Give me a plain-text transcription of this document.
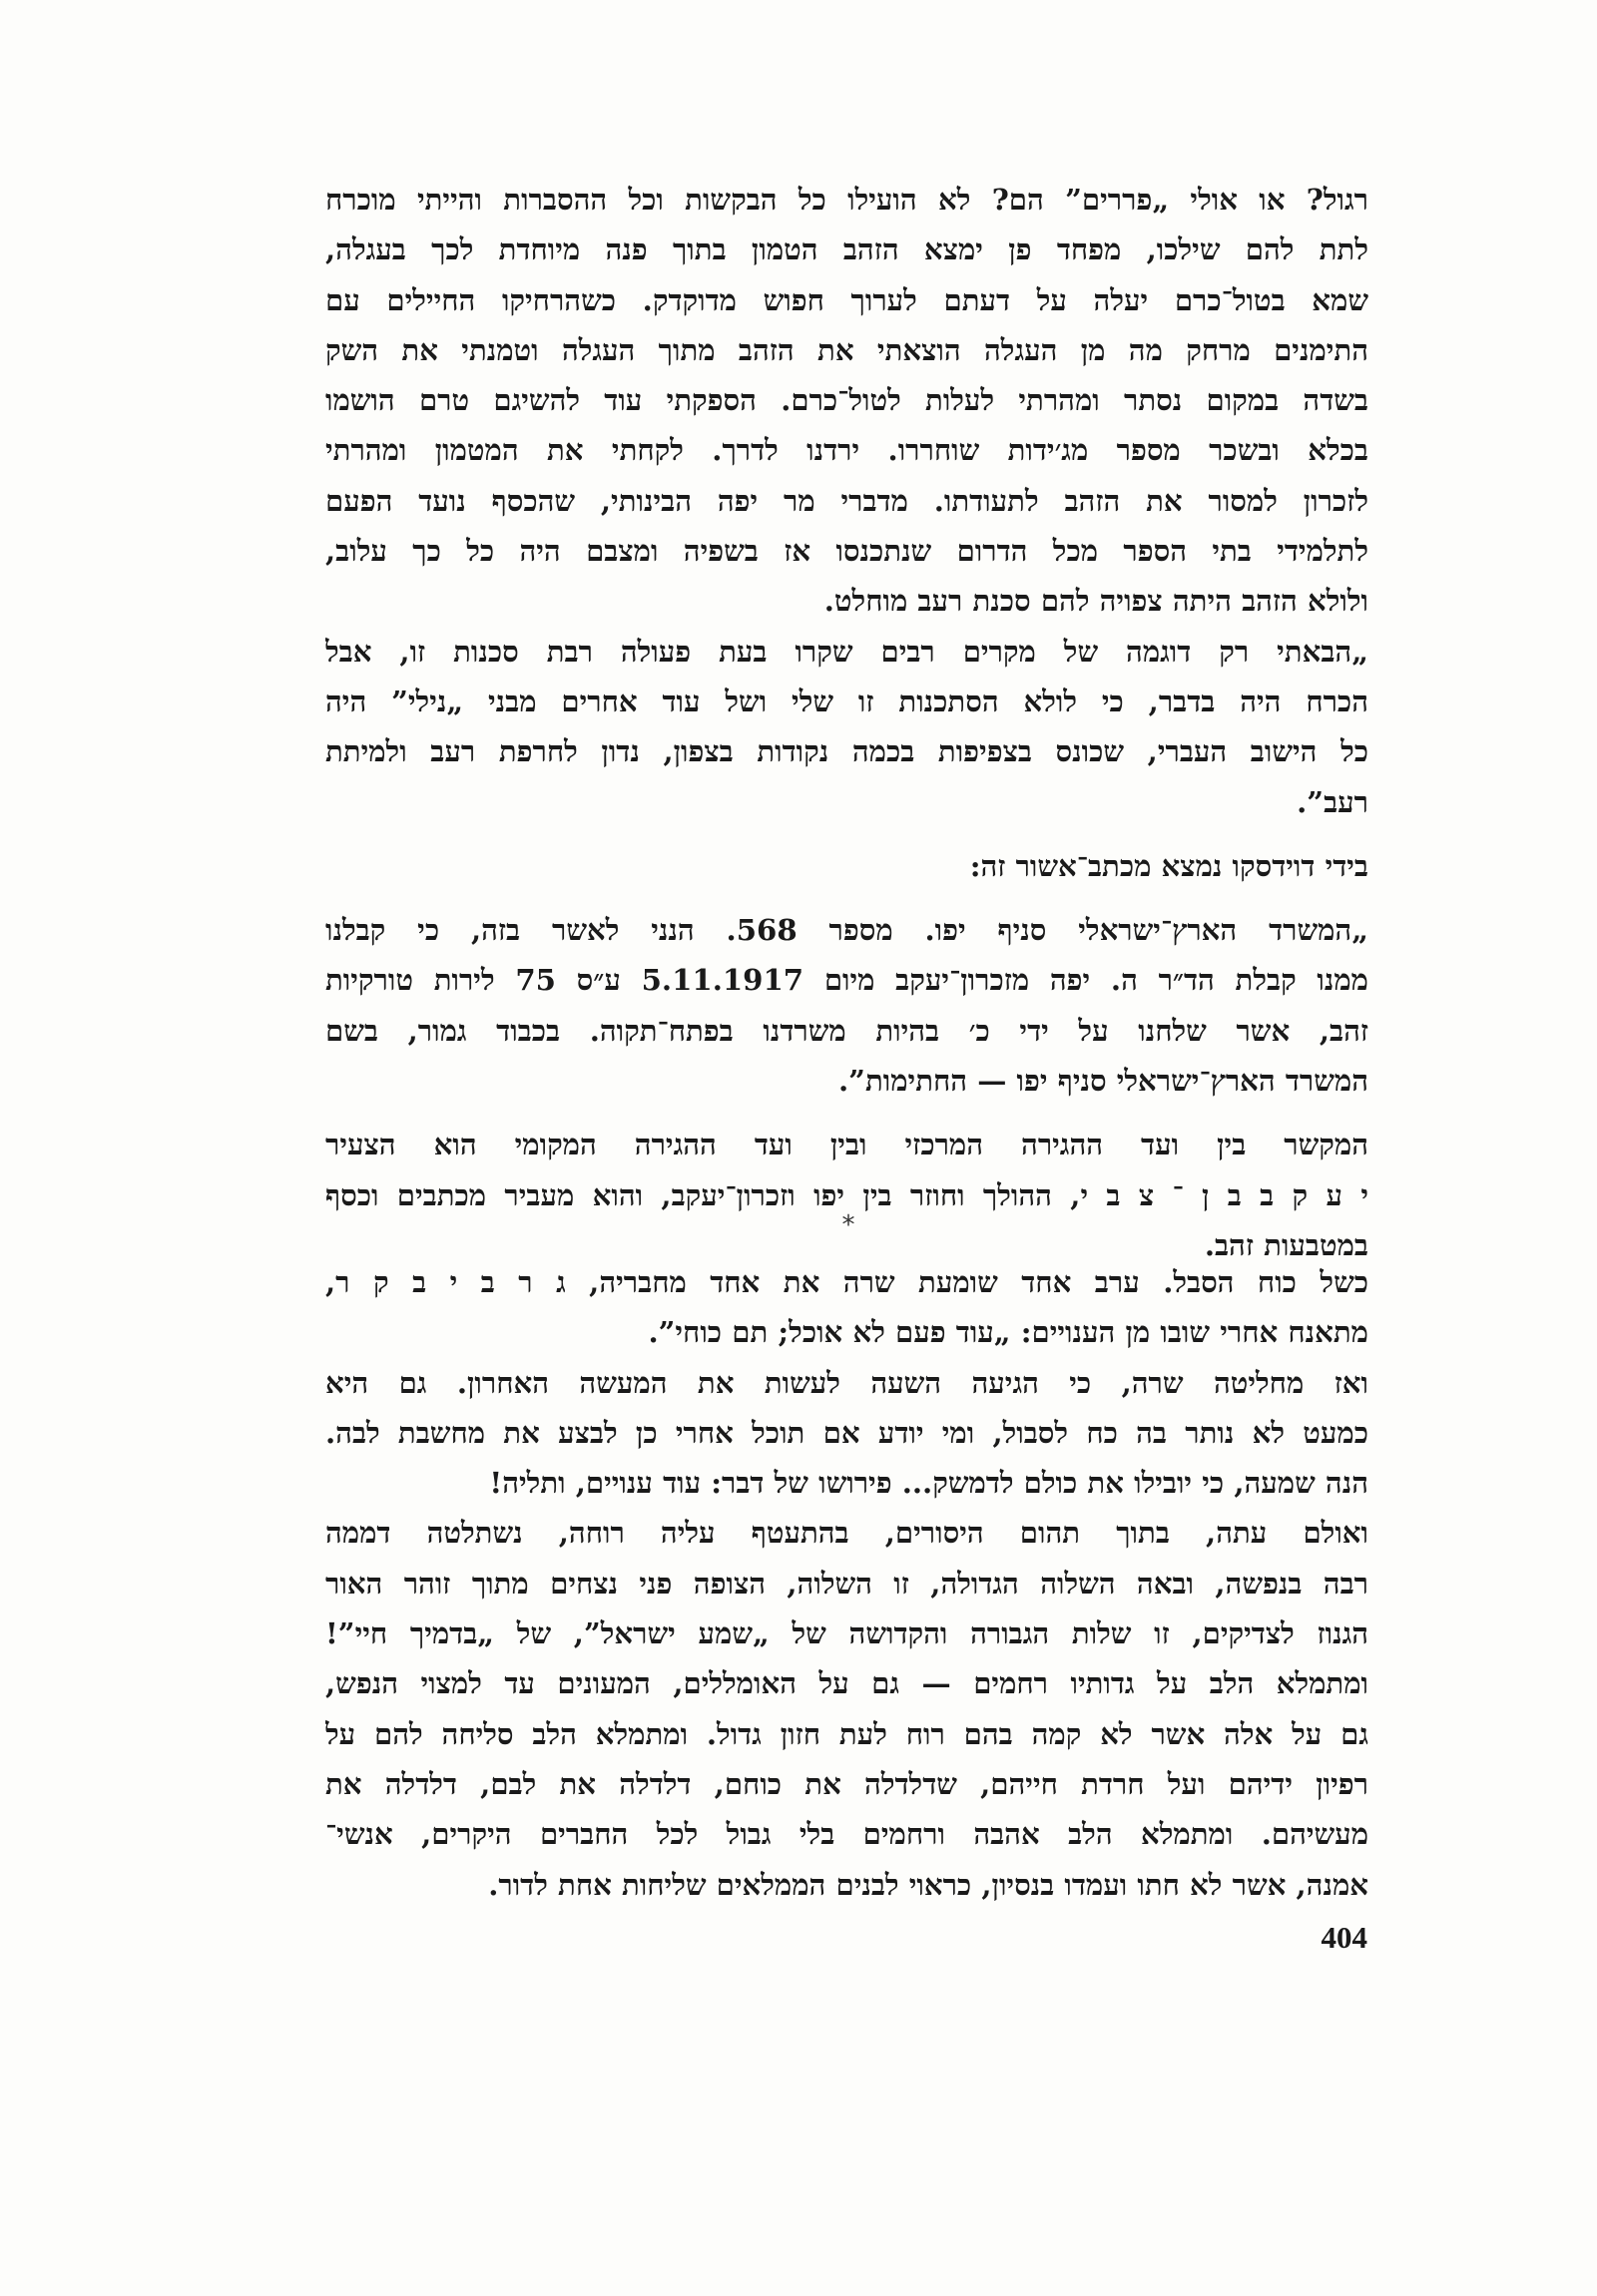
רגול? או אולי „פררים” הם? לא הועילו כל הבקשות וכל ההסברות והייתי מוכרח
לתת להם שילכו, מפחד פן ימצא הזהב הטמון בתוך פנה מיוחדת לכך בעגלה,
שמא בטול־כרם יעלה על דעתם לערוך חפוש מדוקדק. כשהרחיקו החיילים עם
התימנים מרחק מה מן העגלה הוצאתי את הזהב מתוך העגלה וטמנתי את השק
בשדה במקום נסתר ומהרתי לעלות לטול־כרם. הספקתי עוד להשיגם טרם הושמו
בכלא ובשכר מספר מג׳ידות שוחררו. ירדנו לדרך. לקחתי את המטמון ומהרתי
לזכרון למסור את הזהב לתעודתו. מדברי מר יפה הבינותי, שהכסף נועד הפעם
לתלמידי בתי הספר מכל הדרום שנתכנסו אז בשפיה ומצבם היה כל כך עלוב,
ולולא הזהב היתה צפויה להם סכנת רעב מוחלט.
„הבאתי רק דוגמה של מקרים רבים שקרו בעת פעולה רבת סכנות זו, אבל
הכרח היה בדבר, כי לולא הסתכנות זו שלי ושל עוד אחרים מבני „נילי” היה
כל הישוב העברי, שכונס בצפיפות בכמה נקודות בצפון, נדון לחרפת רעב ולמיתת
רעב”.
בידי דוידסקו נמצא מכתב־אשור זה:
„המשרד הארץ־ישראלי סניף יפו. מספר 568. הנני לאשר בזה, כי קבלנו
ממנו קבלת הד״ר ה. יפה מזכרון־יעקב מיום 5.11.1917 ע״ס 75 לירות טורקיות
זהב, אשר שלחנו על ידי כ׳ בהיות משרדנו בפתח־תקוה. בכבוד גמור, בשם
המשרד הארץ־ישראלי סניף יפו — החתימות”.
המקשר בין ועד ההגירה המרכזי ובין ועד ההגירה המקומי הוא הצעיר
י ע ק ב ב ן ־ צ ב י, ההולך וחוזר בין יפו וזכרון־יעקב, והוא מעביר מכתבים וכסף
במטבעות זהב.
*
כשל כוח הסבל. ערב אחד שומעת שרה את אחד מחבריה, ג ר ב י ב ק ר,
מתאנח אחרי שובו מן הענויים: „עוד פעם לא אוכל; תם כוחי”.
ואז מחליטה שרה, כי הגיעה השעה לעשות את המעשה האחרון. גם היא
כמעט לא נותר בה כח לסבול, ומי יודע אם תוכל אחרי כן לבצע את מחשבת לבה.
הנה שמעה, כי יובילו את כולם לדמשק... פירושו של דבר: עוד ענויים, ותליה!
ואולם עתה, בתוך תהום היסורים, בהתעטף עליה רוחה, נשתלטה דממה
רבה בנפשה, ובאה השלוה הגדולה, זו השלוה, הצופה פני נצחים מתוך זוהר האור
הגנוז לצדיקים, זו שלות הגבורה והקדושה של „שמע ישראל”, של „בדמיך חיי”!
ומתמלא הלב על גדותיו רחמים — גם על האומללים, המעונים עד למצוי הנפש,
גם על אלה אשר לא קמה בהם רוח לעת חזון גדול. ומתמלא הלב סליחה להם על
רפיון ידיהם ועל חרדת חייהם, שדלדלה את כוחם, דלדלה את לבם, דלדלה את
מעשיהם. ומתמלא הלב אהבה ורחמים בלי גבול לכל החברים היקרים, אנשי־
אמנה, אשר לא חתו ועמדו בנסיון, כראוי לבנים הממלאים שליחות אחת לדור.
404
